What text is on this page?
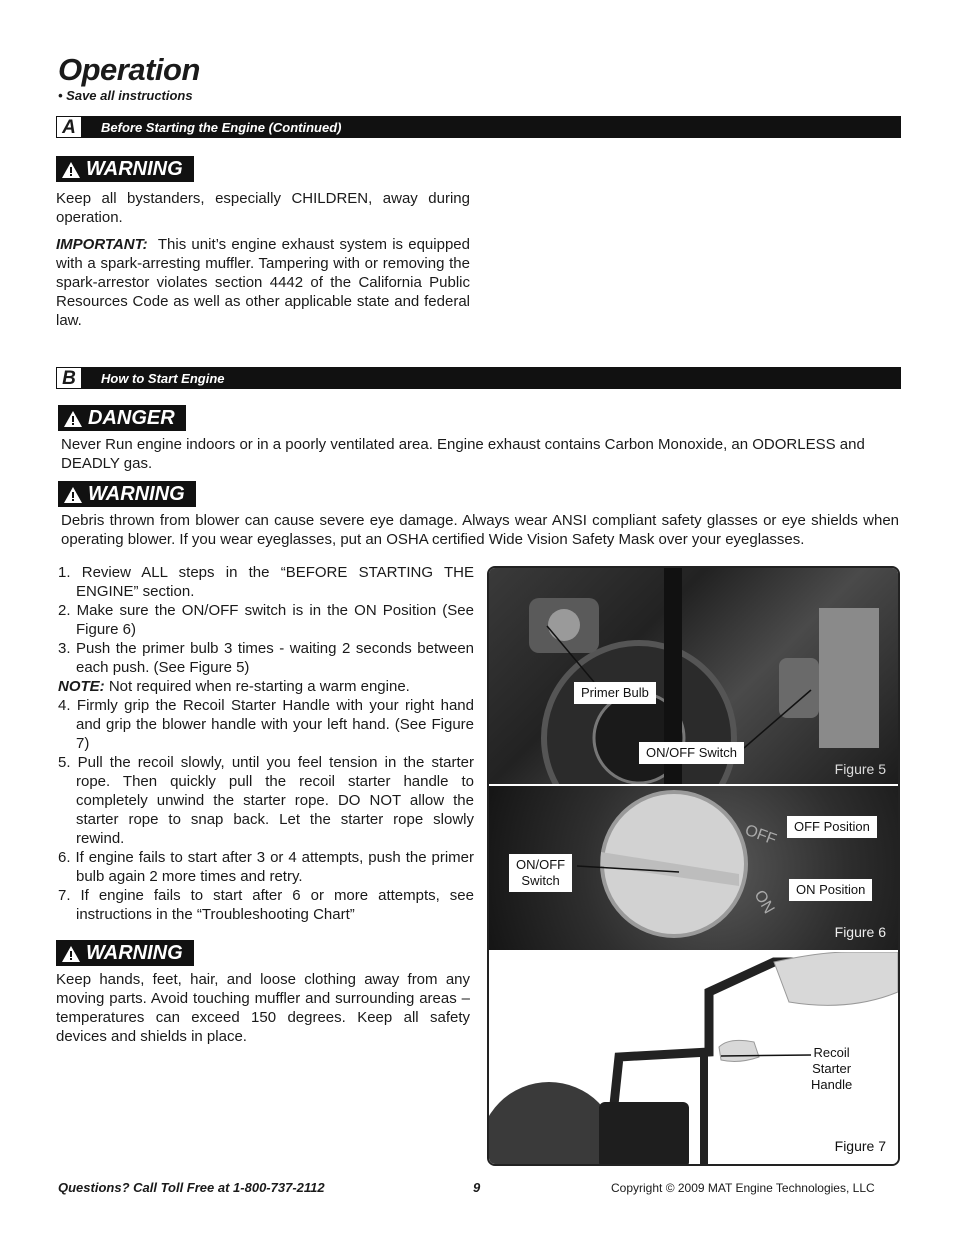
Operation
• Save all instructions
A	Before Starting the Engine (Continued)
WARNING
Keep all bystanders, especially CHILDREN, away during operation.
IMPORTANT: This unit’s engine exhaust system is equipped with a spark-arresting muffler. Tampering with or removing the spark-arrestor violates section 4442 of the California Public Resources Code as well as other applicable state and federal law.
B	How to Start Engine
DANGER
Never Run engine indoors or in a poorly ventilated area. Engine exhaust contains Carbon Monoxide, an ODORLESS and DEADLY gas.
WARNING
Debris thrown from blower can cause severe eye damage. Always wear ANSI compliant safety glasses or eye shields when operating blower. If you wear eyeglasses, put an OSHA certified Wide Vision Safety Mask over your eyeglasses.

1. Review ALL steps in the “BEFORE STARTING THE ENGINE” section.

2. Make sure the ON/OFF switch is in the ON Position (See Figure 6)

3. Push the primer bulb 3 times - waiting 2 seconds between each push. (See Figure 5)

NOTE: Not required when re-starting a warm engine.

4. Firmly grip the Recoil Starter Handle with your right hand and grip the blower handle with your left hand. (See Figure 7)

5. Pull the recoil slowly, until you feel tension in the starter rope. Then quickly pull the recoil starter handle to completely unwind the starter rope. DO NOT allow the starter rope to snap back. Let the starter rope slowly rewind.

6. If engine fails to start after 3 or 4 attempts, push the primer bulb again 2 more times and retry.

7. If engine fails to start after 6 or more attempts, see instructions in the “Troubleshooting Chart”

WARNING
Keep hands, feet, hair, and loose clothing away from any moving parts. Avoid touching muffler and surrounding areas – temperatures can exceed 150 degrees. Keep all safety devices and shields in place.
Primer Bulb
ON/OFF Switch
Figure 5
OFF
ON
OFF Position
ON Position
ON/OFF
Switch
Figure 6
Recoil
Starter
Handle
Figure 7
Questions? Call Toll Free at 1-800-737-2112	9	Copyright © 2009 MAT Engine Technologies, LLC
